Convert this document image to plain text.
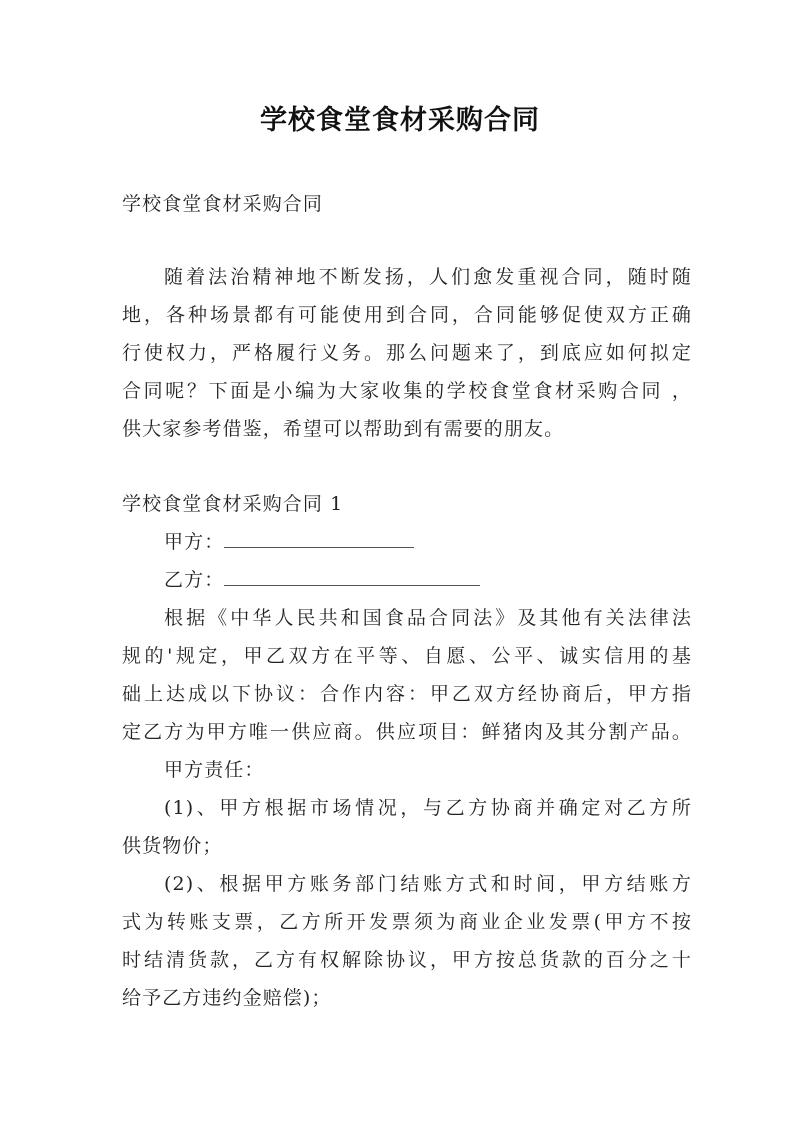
学校食堂食材采购合同

学校食堂食材采购合同

随着法治精神地不断发扬，人们愈发重视合同，随时随

地，各种场景都有可能使用到合同，合同能够促使双方正确

行使权力，严格履行义务。那么问题来了，到底应如何拟定

合同呢？下面是小编为大家收集的学校食堂食材采购合同 ，

供大家参考借鉴，希望可以帮助到有需要的朋友。

学校食堂食材采购合同 1

甲方：

乙方：

根据《中华人民共和国食品合同法》及其他有关法律法

规的'规定，甲乙双方在平等、自愿、公平、诚实信用的基

础上达成以下协议：合作内容：甲乙双方经协商后，甲方指

定乙方为甲方唯一供应商。供应项目：鲜猪肉及其分割产品。

甲方责任：

(1)、甲方根据市场情况，与乙方协商并确定对乙方所

供货物价；

(2)、根据甲方账务部门结账方式和时间，甲方结账方

式为转账支票，乙方所开发票须为商业企业发票(甲方不按

时结清货款，乙方有权解除协议，甲方按总货款的百分之十

给予乙方违约金赔偿)；
